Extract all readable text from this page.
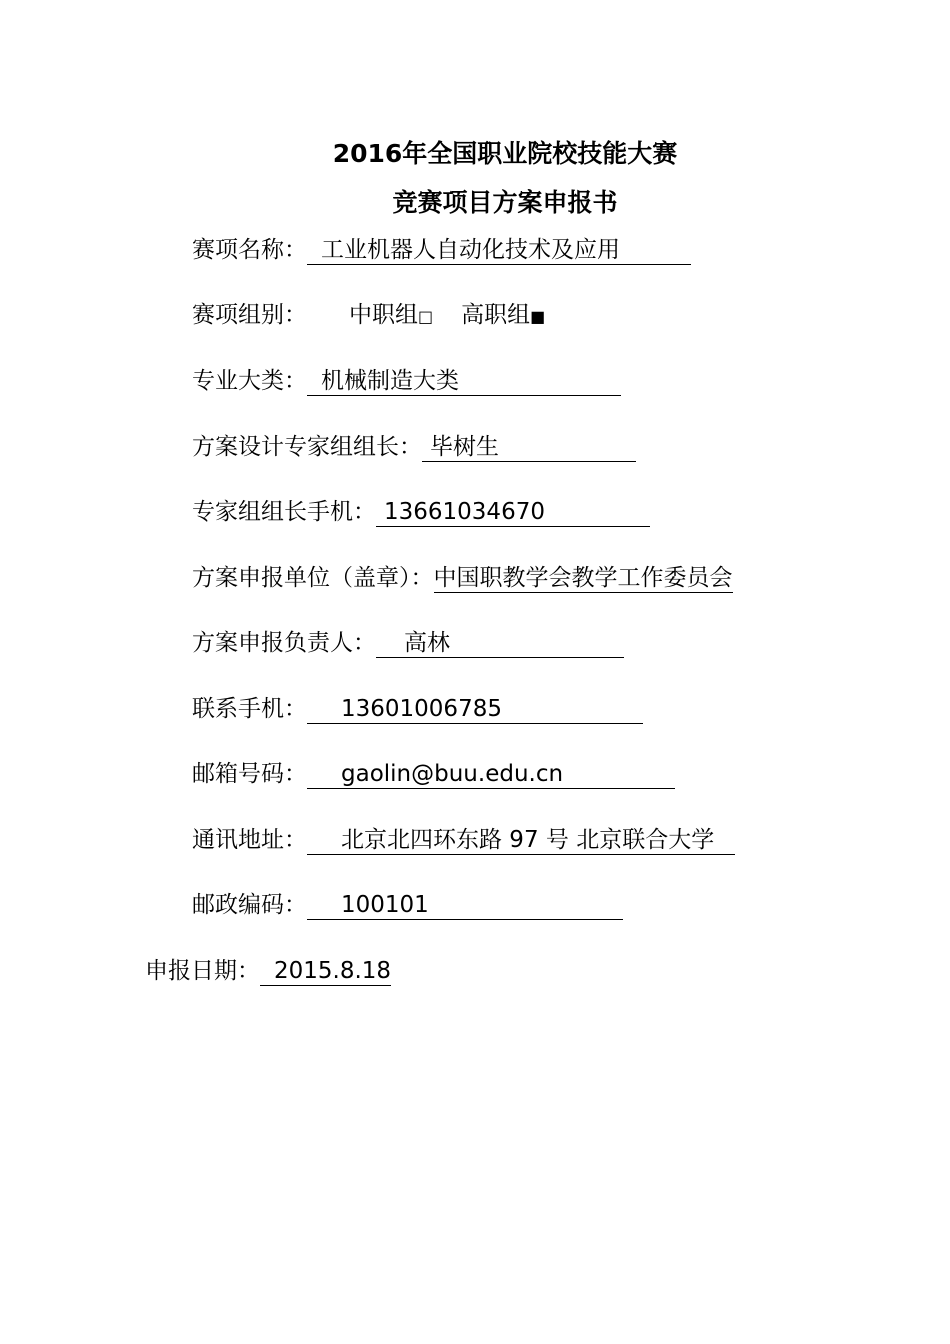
2016年全国职业院校技能大赛
竞赛项目方案申报书
赛项名称： 工业机器人自动化技术及应用
赛项组别： 中职组□ 高职组■
专业大类： 机械制造大类
方案设计专家组组长： 毕树生
专家组组长手机： 13661034670
方案申报单位（盖章）：中国职教学会教学工作委员会
方案申报负责人： 高林
联系手机： 13601006785
邮箱号码： gaolin@buu.edu.cn
通讯地址： 北京北四环东路 97 号 北京联合大学
邮政编码： 100101
申报日期： 2015.8.18
